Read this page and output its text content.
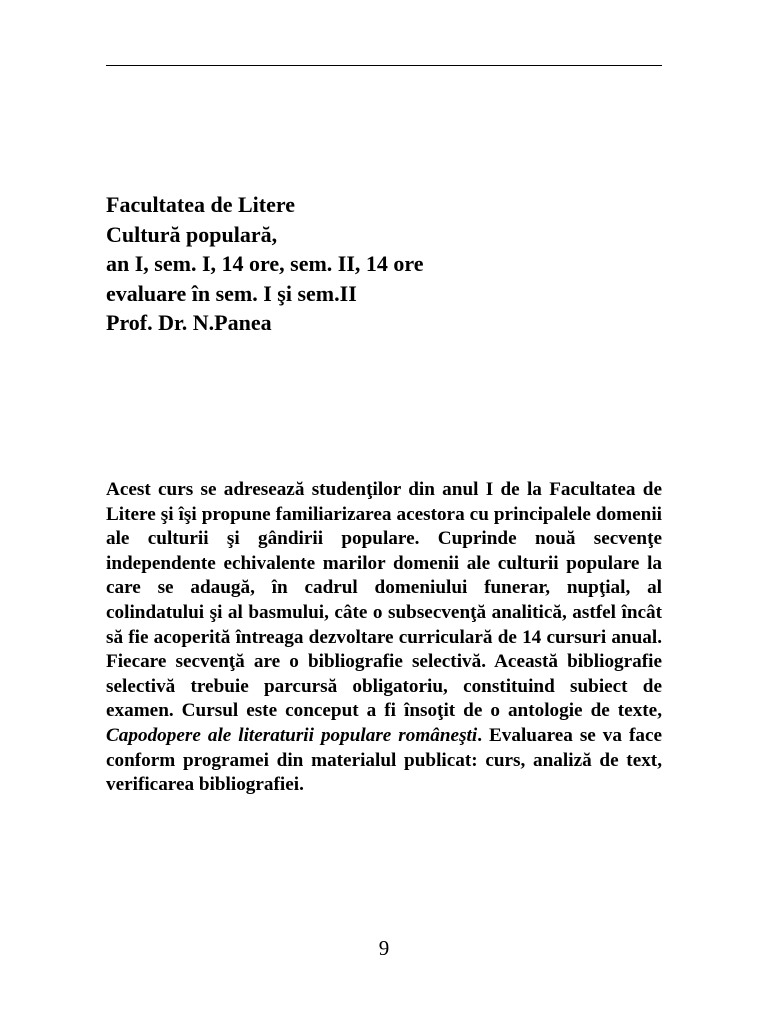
Facultatea de Litere
Cultură populară,
an I, sem. I, 14 ore, sem. II, 14 ore
evaluare în sem. I şi sem.II
Prof. Dr. N.Panea

Acest curs se adresează studenţilor din anul I de la Facultatea de Litere şi îşi propune familiarizarea acestora cu principalele domenii ale culturii şi gândirii populare. Cuprinde nouă secvenţe independente echivalente marilor domenii ale culturii populare la care se adaugă, în cadrul domeniului funerar, nupţial, al colindatului şi al basmului, câte o subsecvenţă analitică, astfel încât să fie acoperită întreaga dezvoltare curriculară de 14 cursuri anual. Fiecare secvenţă are o bibliografie selectivă. Această bibliografie selectivă trebuie parcursă obligatoriu, constituind subiect de examen. Cursul este conceput a fi însoţit de o antologie de texte, Capodopere ale literaturii populare româneşti. Evaluarea se va face conform programei din materialul publicat: curs, analiză de text, verificarea bibliografiei.

9
